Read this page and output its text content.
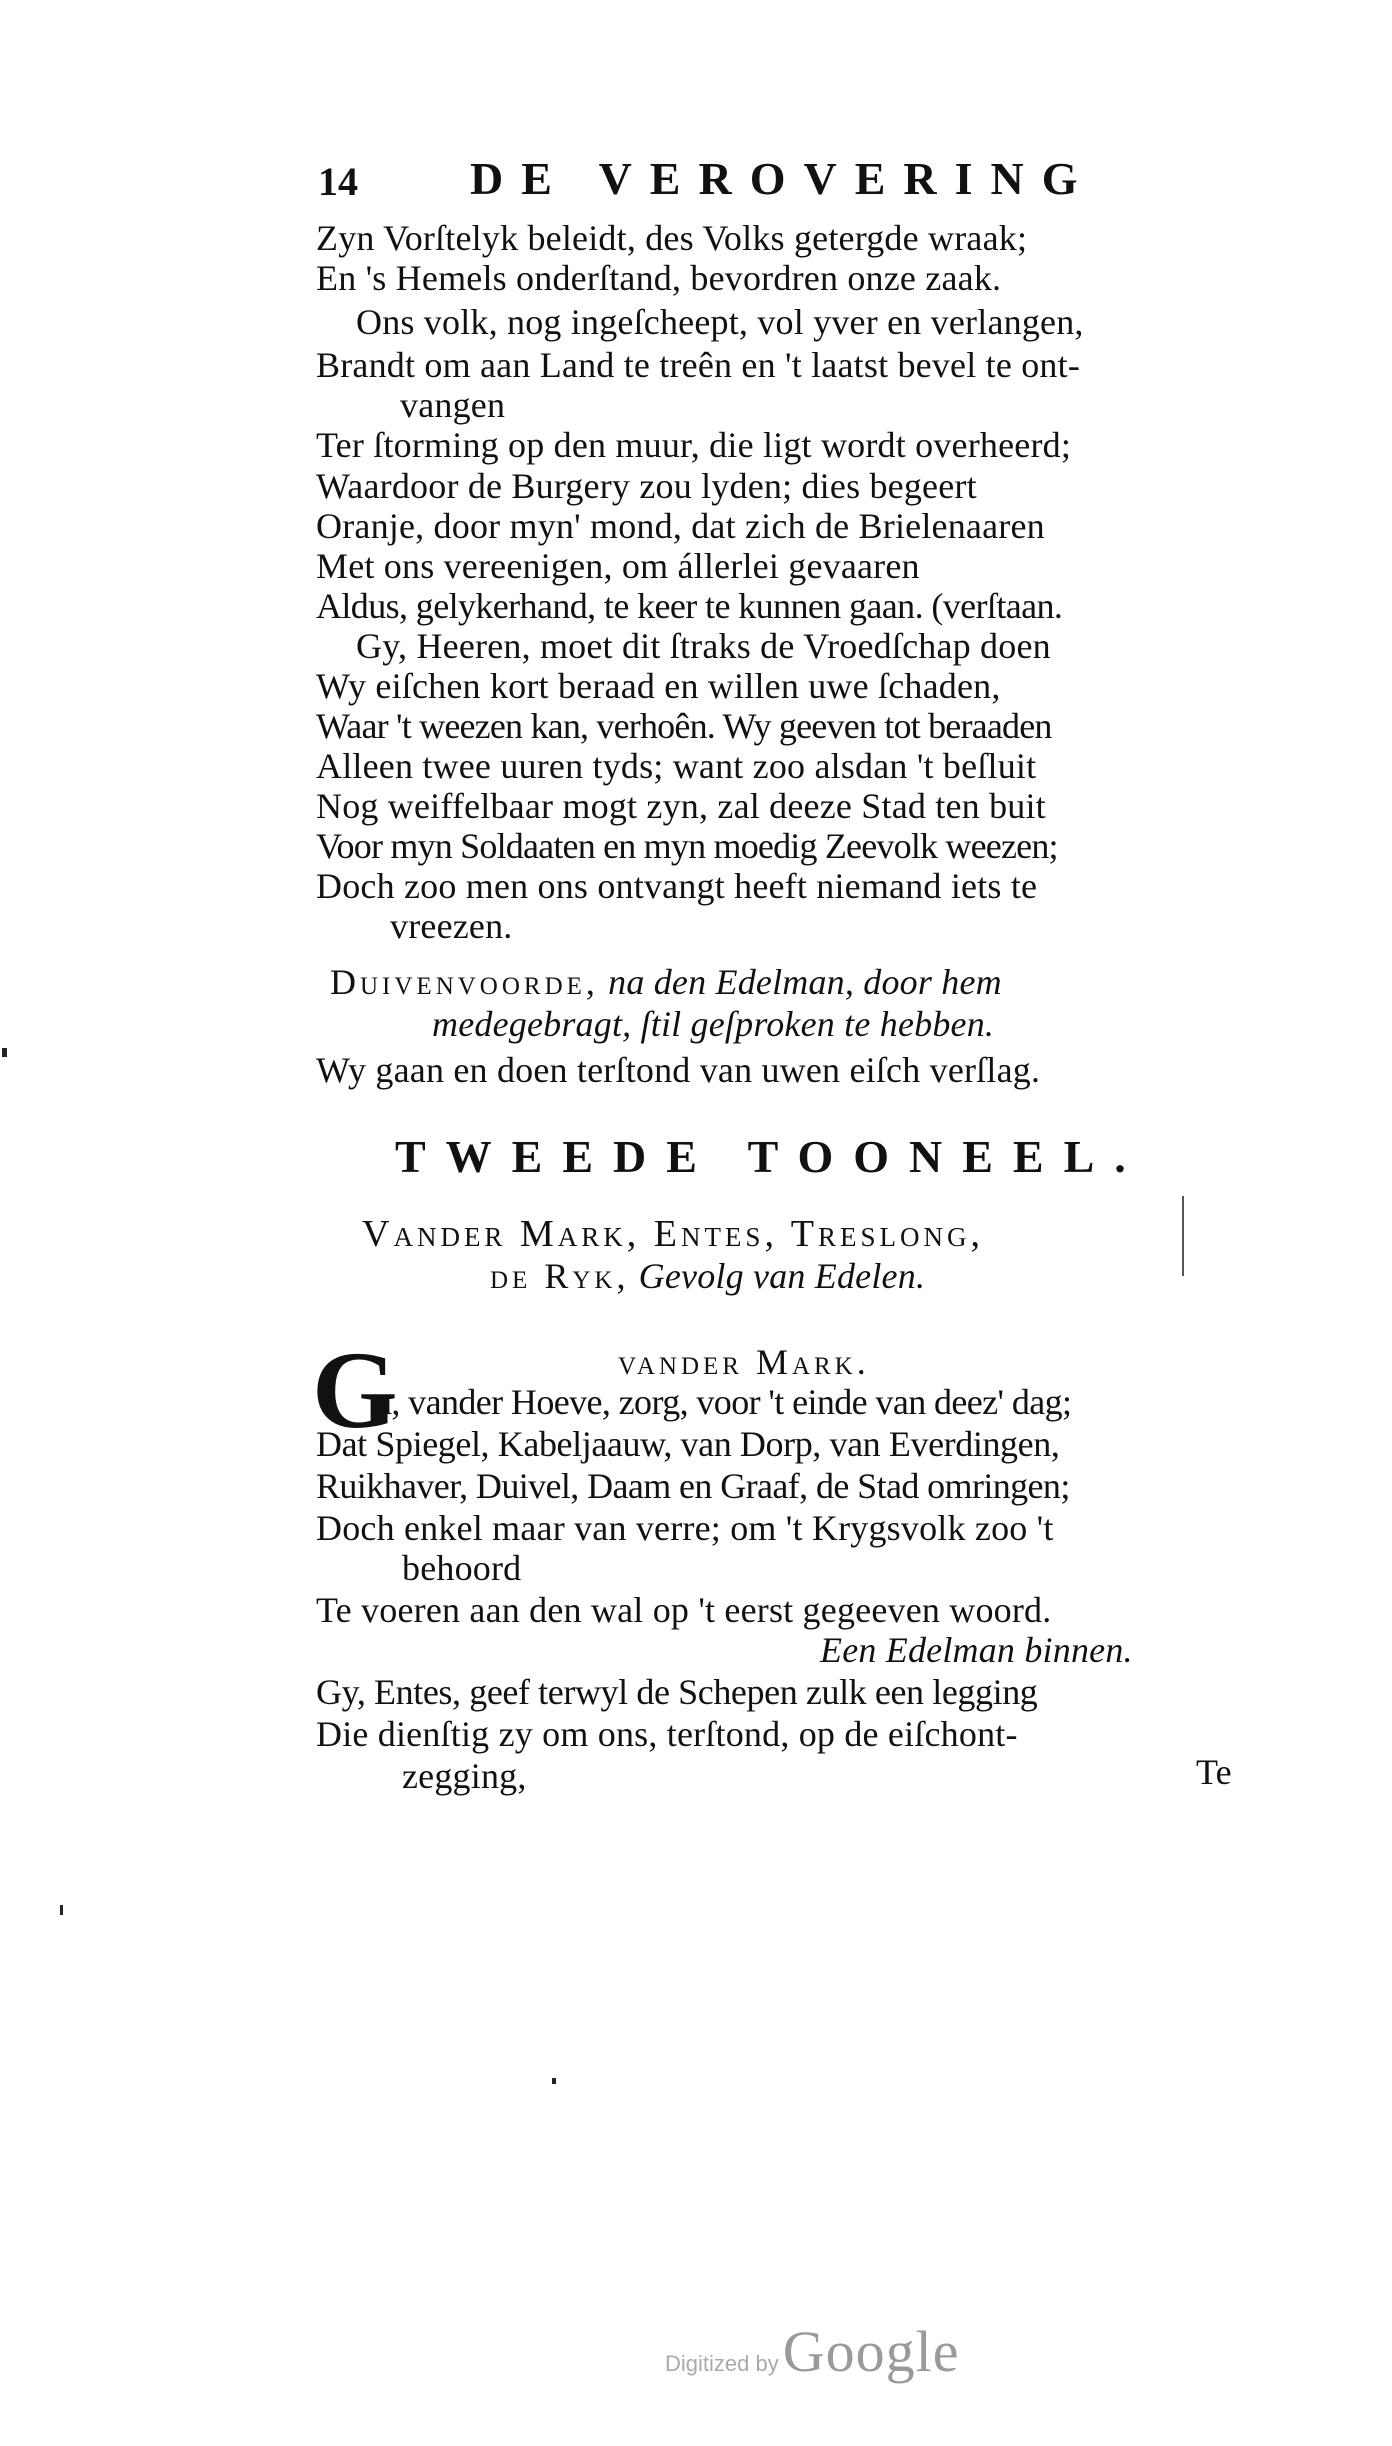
14 DE VEROVERING
Zyn Vorſtelyk beleidt, des Volks getergde wraak;
En 's Hemels onderſtand, bevordren onze zaak.
Ons volk, nog ingeſcheept, vol yver en verlangen,
Brandt om aan Land te treên en 't laatst bevel te ont-
vangen
Ter ſtorming op den muur, die ligt wordt overheerd;
Waardoor de Burgery zou lyden; dies begeert
Oranje, door myn' mond, dat zich de Brielenaaren
Met ons vereenigen, om állerlei gevaaren
Aldus, gelykerhand, te keer te kunnen gaan. (verſtaan.
Gy, Heeren, moet dit ſtraks de Vroedſchap doen
Wy eiſchen kort beraad en willen uwe ſchaden,
Waar 't weezen kan, verhoên. Wy geeven tot beraaden
Alleen twee uuren tyds; want zoo alsdan 't beſluit
Nog weiffelbaar mogt zyn, zal deeze Stad ten buit
Voor myn Soldaaten en myn moedig Zeevolk weezen;
Doch zoo men ons ontvangt heeft niemand iets te
vreezen.
Duivenvoorde, na den Edelman, door hem
medegebragt, ſtil geſproken te hebben.
Wy gaan en doen terſtond van uwen eiſch verſlag.
TWEEDE TOONEEL.
Vander Mark, Entes, Treslong,
de Ryk, Gevolg van Edelen.
vander Mark.
G
a, vander Hoeve, zorg, voor 't einde van deez' dag;
Dat Spiegel, Kabeljaauw, van Dorp, van Everdingen,
Ruikhaver, Duivel, Daam en Graaf, de Stad omringen;
Doch enkel maar van verre; om 't Krygsvolk zoo 't
behoord
Te voeren aan den wal op 't eerst gegeeven woord.
Een Edelman binnen.
Gy, Entes, geef terwyl de Schepen zulk een legging
Die dienſtig zy om ons, terſtond, op de eiſchont-
zegging,	Te
Digitized by Google
